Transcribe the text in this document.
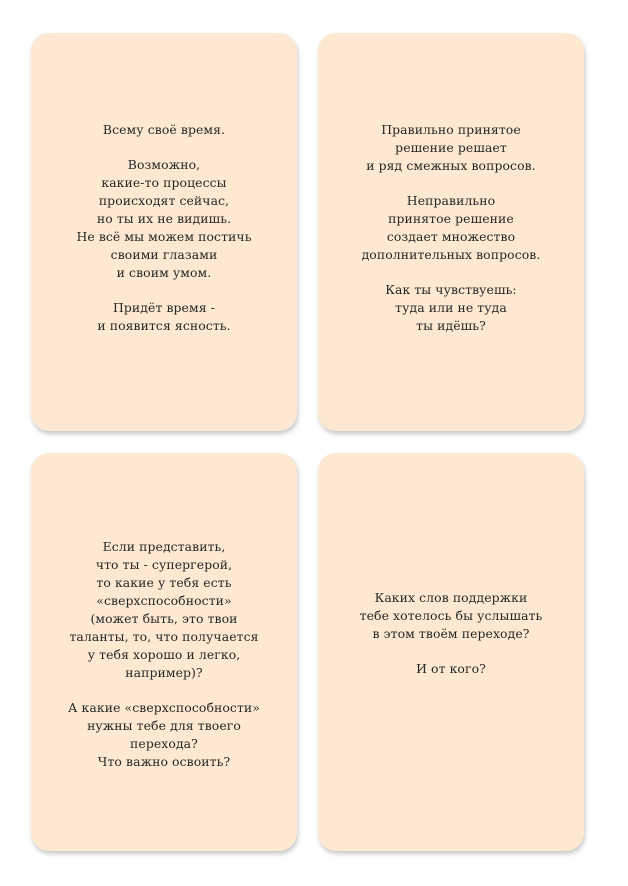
Всему своё время.

Возможно,
какие-то процессы
происходят сейчас,
но ты их не видишь.
Не всё мы можем постичь
своими глазами
и своим умом.

Придёт время -
и появится ясность.

Правильно принятое
решение решает
и ряд смежных вопросов.

Неправильно
принятое решение
создает множество
дополнительных вопросов.

Как ты чувствуешь:
туда или не туда
ты идёшь?

Если представить,
что ты - супергерой,
то какие у тебя есть
«сверхспособности»
(может быть, это твои
таланты, то, что получается
у тебя хорошо и легко,
например)?

А какие «сверхспособности»
нужны тебе для твоего
перехода?
Что важно освоить?

Каких слов поддержки
тебе хотелось бы услышать
в этом твоём переходе?

И от кого?
